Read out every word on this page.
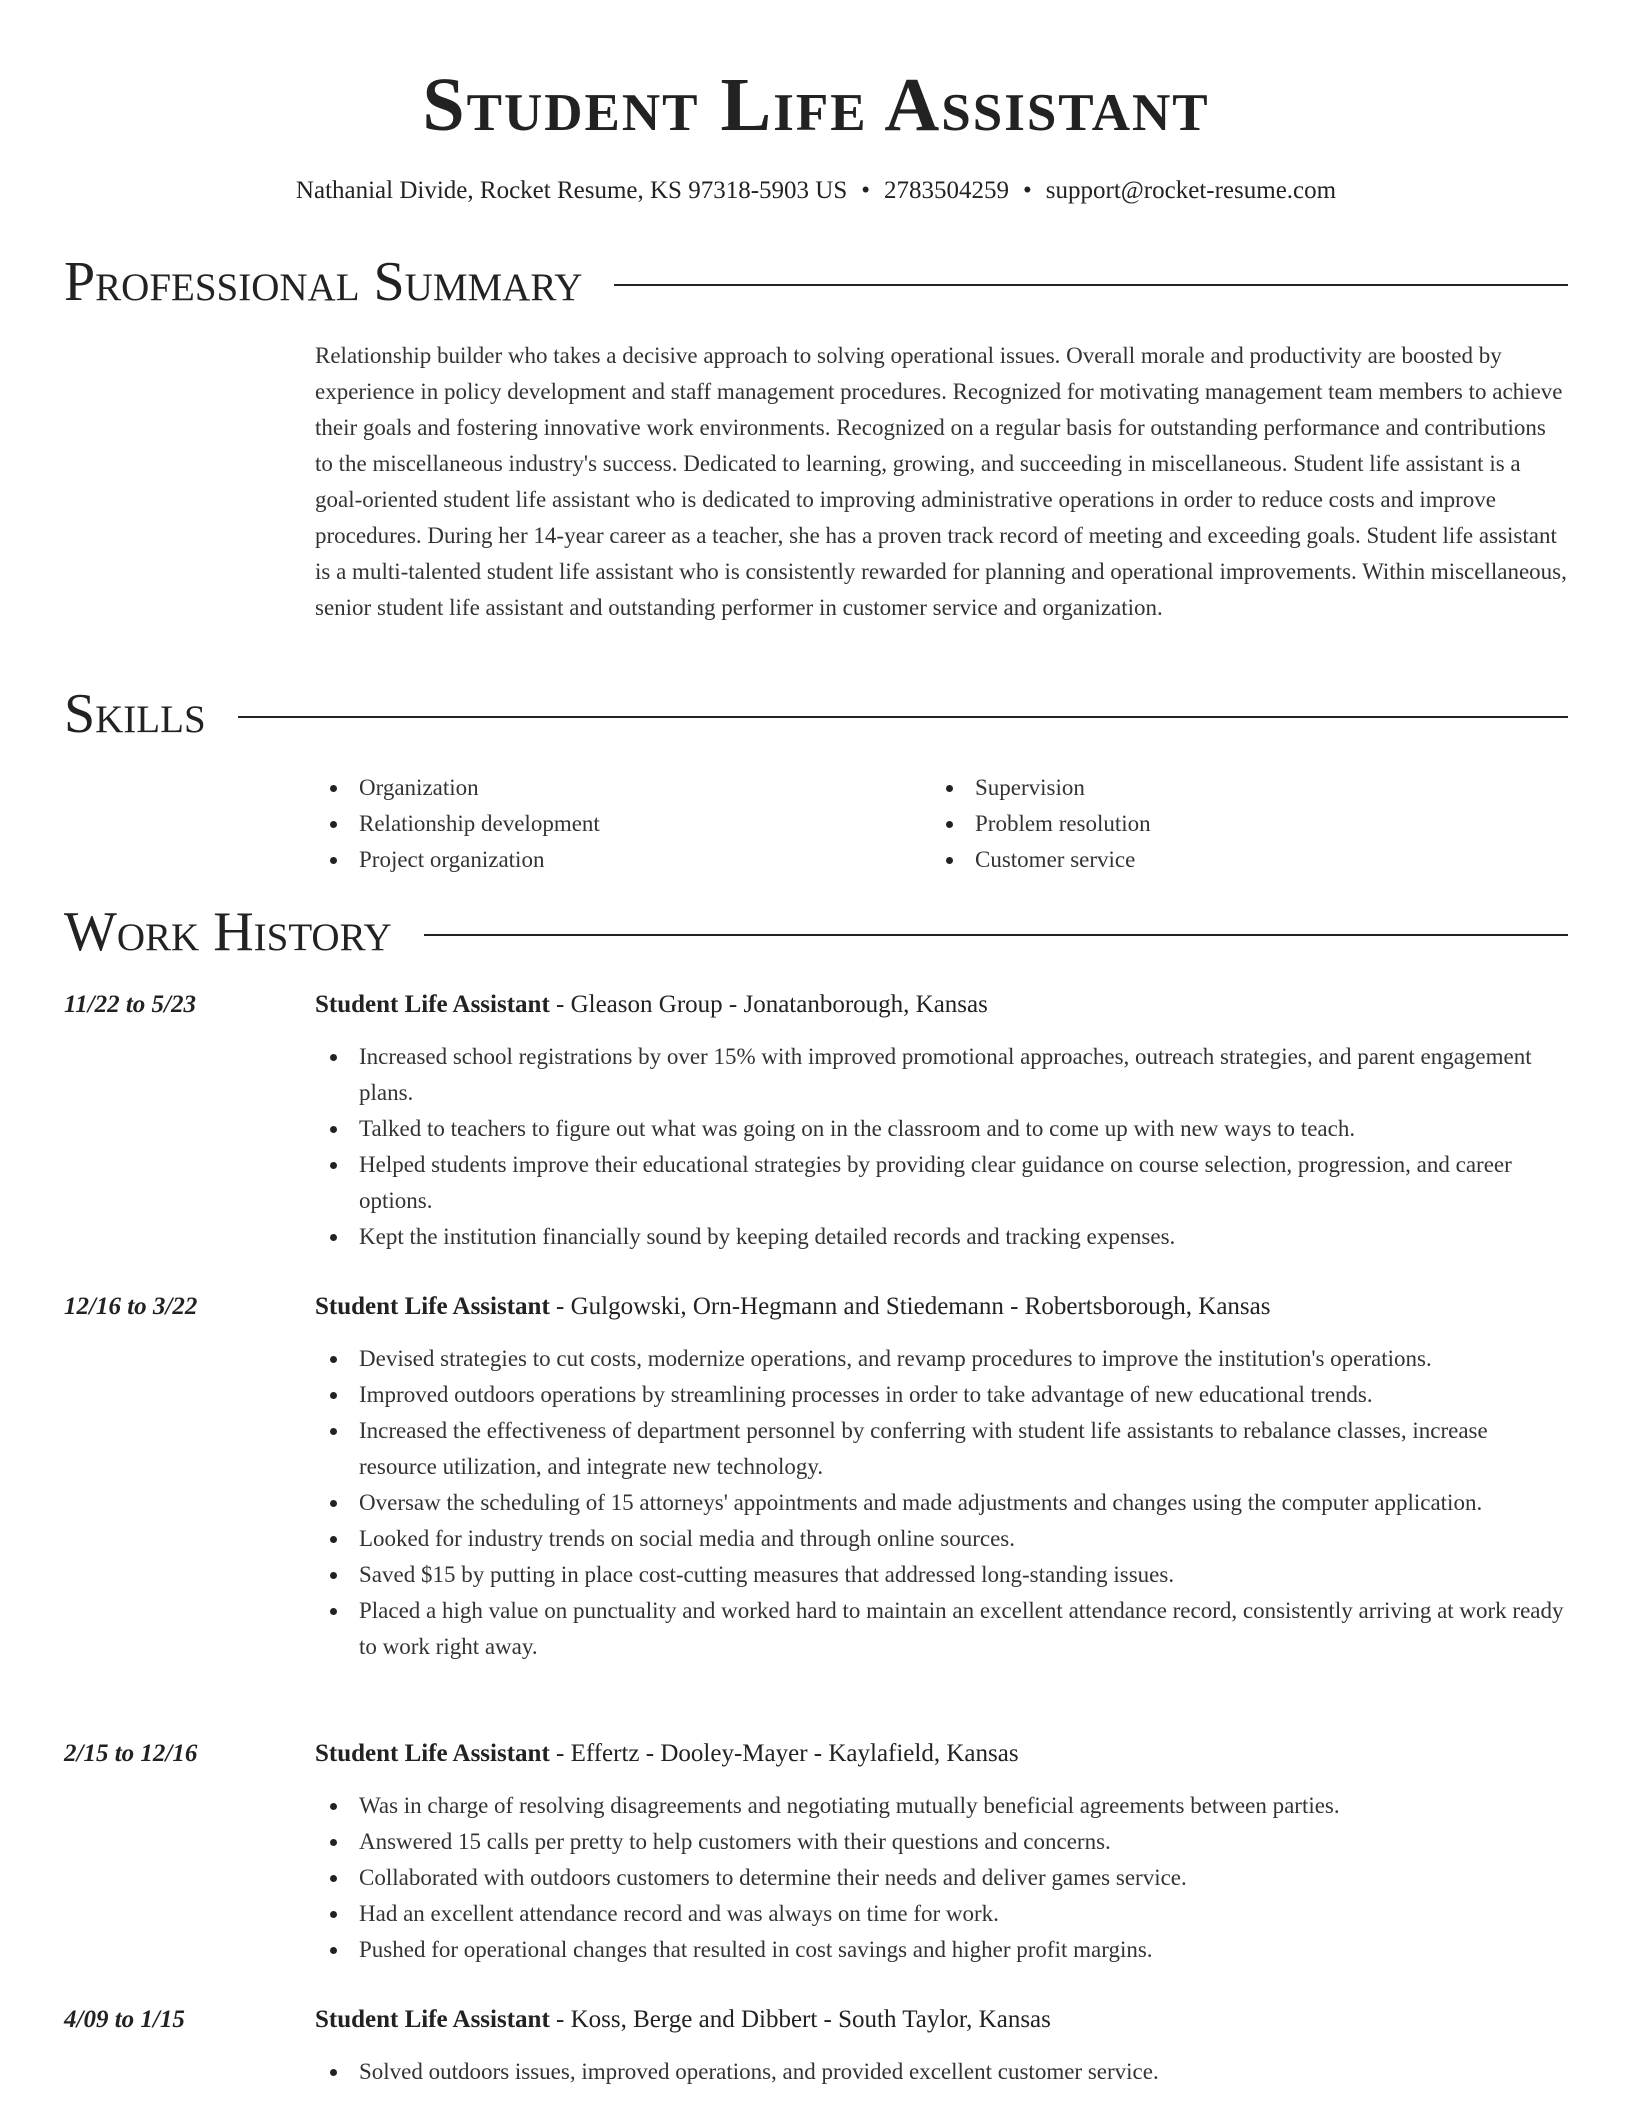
Student Life Assistant
Nathanial Divide, Rocket Resume, KS 97318-5903 US • 2783504259 • support@rocket-resume.com
Professional Summary

Relationship builder who takes a decisive approach to solving operational issues. Overall morale and productivity are boosted by experience in policy development and staff management procedures. Recognized for motivating management team members to achieve their goals and fostering innovative work environments. Recognized on a regular basis for outstanding performance and contributions to the miscellaneous industry's success. Dedicated to learning, growing, and succeeding in miscellaneous. Student life assistant is a goal-oriented student life assistant who is dedicated to improving administrative operations in order to reduce costs and improve procedures. During her 14-year career as a teacher, she has a proven track record of meeting and exceeding goals. Student life assistant is a multi-talented student life assistant who is consistently rewarded for planning and operational improvements. Within miscellaneous, senior student life assistant and outstanding performer in customer service and organization.

Skills
Organization
Relationship development
Project organization
Supervision
Problem resolution
Customer service
Work History
11/22 to 5/23	Student Life Assistant - Gleason Group - Jonatanborough, Kansas
Increased school registrations by over 15% with improved promotional approaches, outreach strategies, and parent engagement plans.
Talked to teachers to figure out what was going on in the classroom and to come up with new ways to teach.
Helped students improve their educational strategies by providing clear guidance on course selection, progression, and career options.
Kept the institution financially sound by keeping detailed records and tracking expenses.
12/16 to 3/22	Student Life Assistant - Gulgowski, Orn-Hegmann and Stiedemann - Robertsborough, Kansas
Devised strategies to cut costs, modernize operations, and revamp procedures to improve the institution's operations.
Improved outdoors operations by streamlining processes in order to take advantage of new educational trends.
Increased the effectiveness of department personnel by conferring with student life assistants to rebalance classes, increase resource utilization, and integrate new technology.
Oversaw the scheduling of 15 attorneys' appointments and made adjustments and changes using the computer application.
Looked for industry trends on social media and through online sources.
Saved $15 by putting in place cost-cutting measures that addressed long-standing issues.
Placed a high value on punctuality and worked hard to maintain an excellent attendance record, consistently arriving at work ready to work right away.
2/15 to 12/16	Student Life Assistant - Effertz - Dooley-Mayer - Kaylafield, Kansas
Was in charge of resolving disagreements and negotiating mutually beneficial agreements between parties.
Answered 15 calls per pretty to help customers with their questions and concerns.
Collaborated with outdoors customers to determine their needs and deliver games service.
Had an excellent attendance record and was always on time for work.
Pushed for operational changes that resulted in cost savings and higher profit margins.
4/09 to 1/15	Student Life Assistant - Koss, Berge and Dibbert - South Taylor, Kansas
Solved outdoors issues, improved operations, and provided excellent customer service.
